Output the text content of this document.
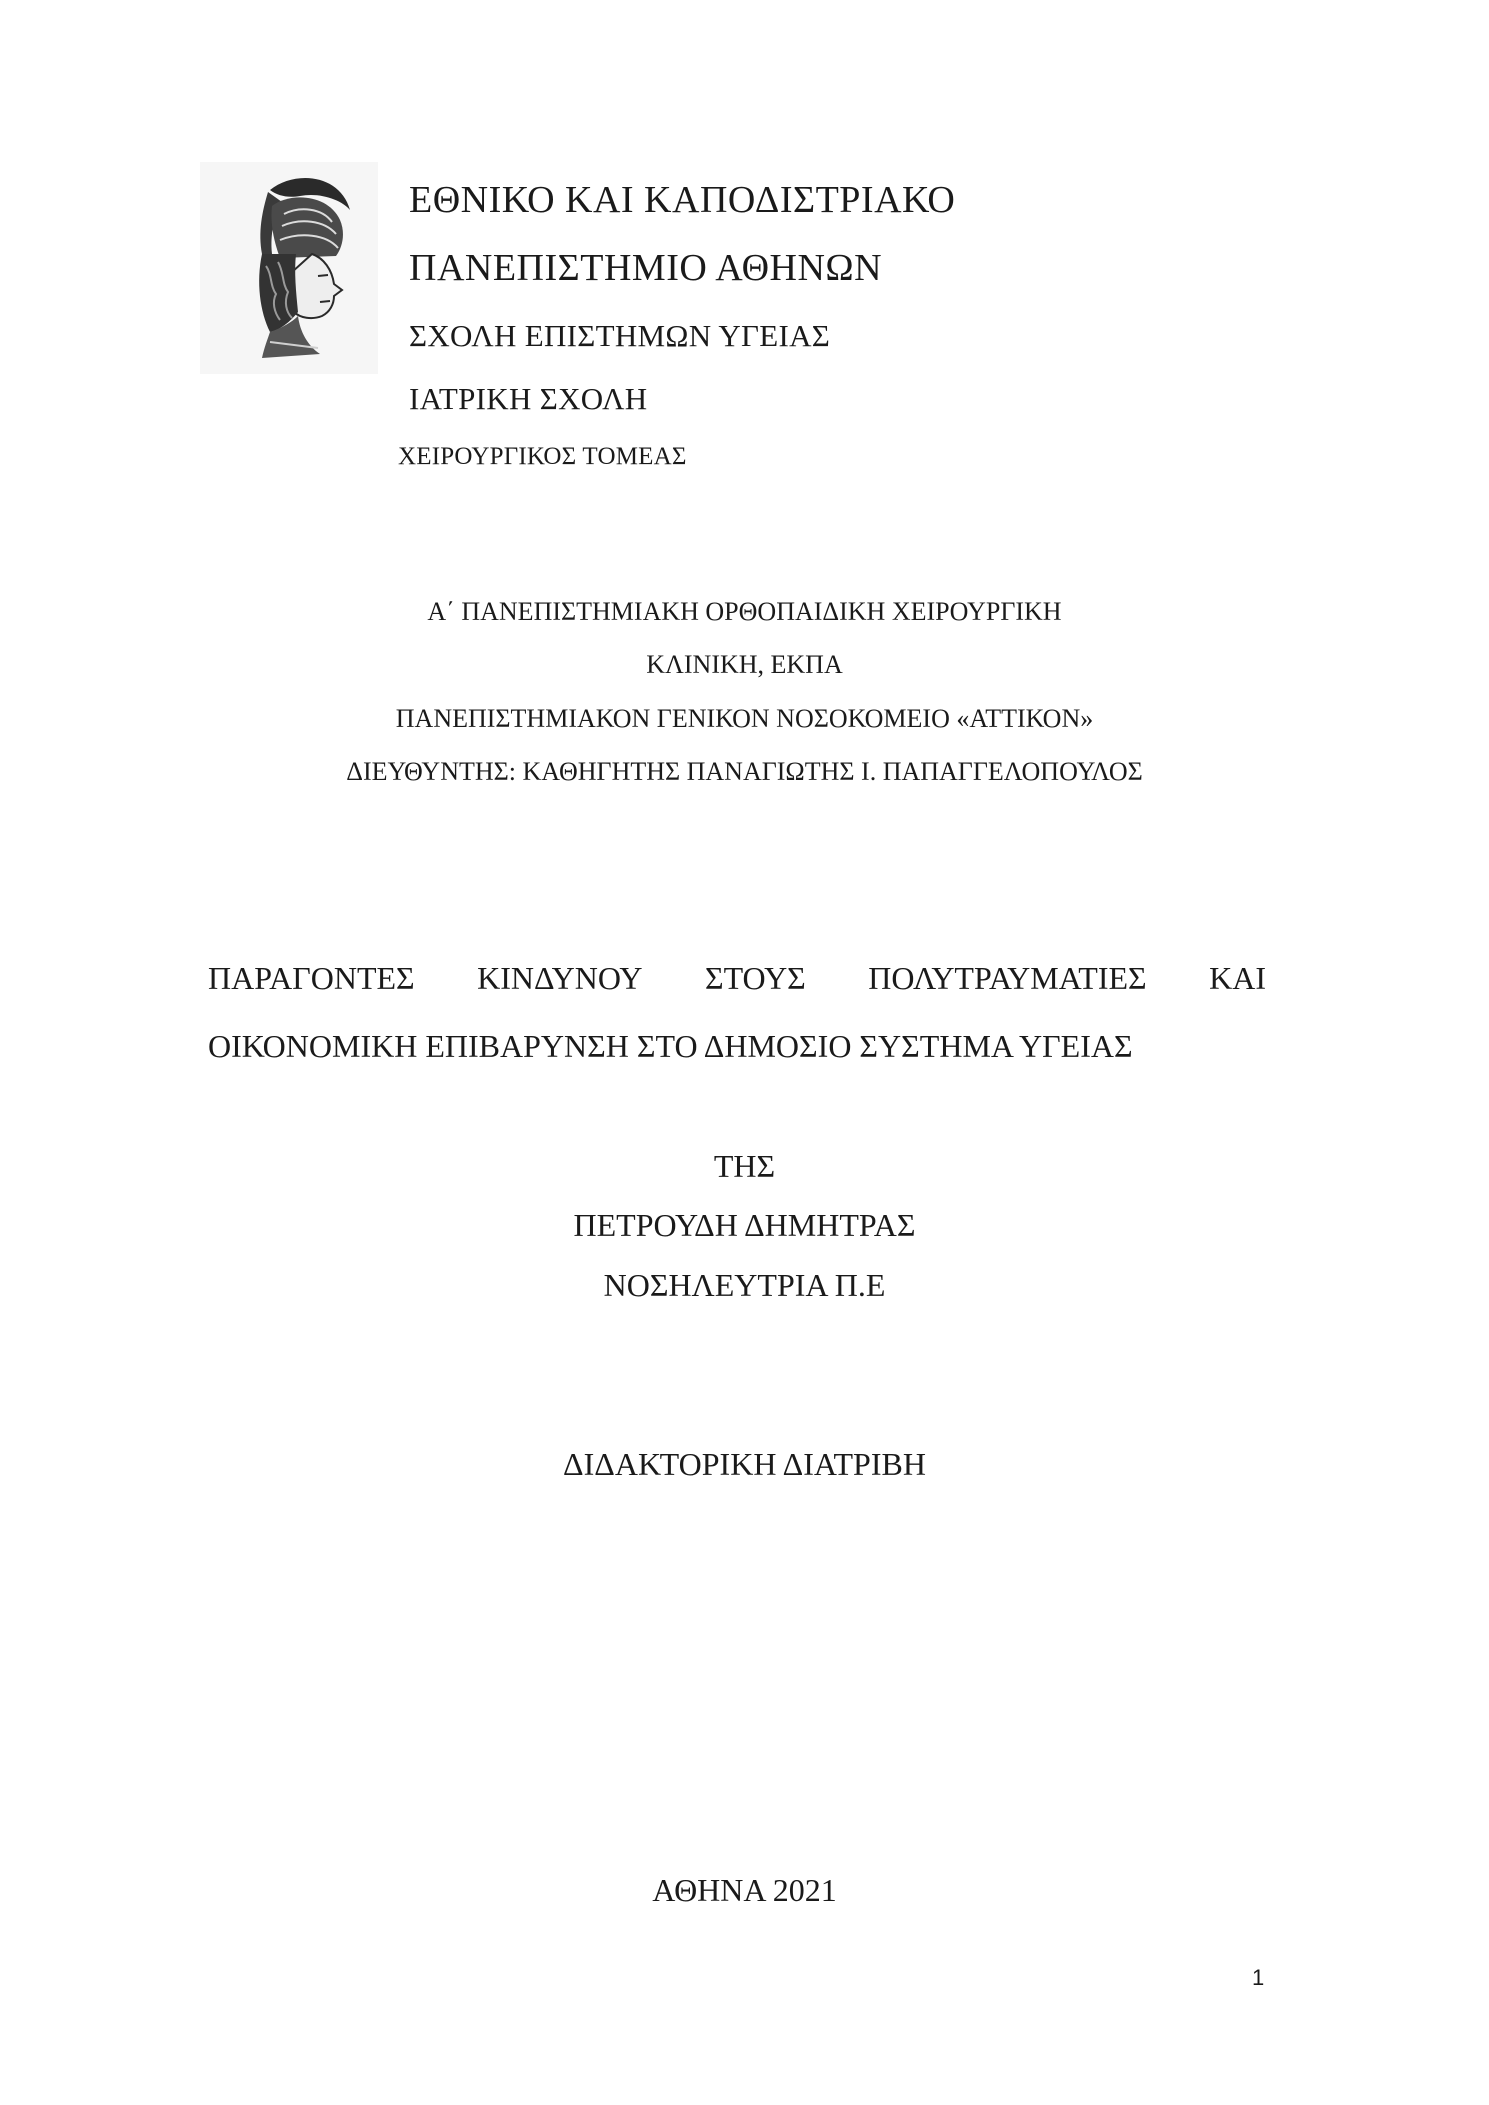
ΕΘΝΙΚΟ ΚΑΙ ΚΑΠΟΔΙΣΤΡΙΑΚΟ
ΠΑΝΕΠΙΣΤΗΜΙΟ ΑΘΗΝΩΝ
ΣΧΟΛΗ ΕΠΙΣΤΗΜΩΝ ΥΓΕΙΑΣ
ΙΑΤΡΙΚΗ ΣΧΟΛΗ
ΧΕΙΡΟΥΡΓΙΚΟΣ ΤΟΜΕΑΣ
Α΄ ΠΑΝΕΠΙΣΤΗΜΙΑΚΗ ΟΡΘΟΠΑΙΔΙΚΗ ΧΕΙΡΟΥΡΓΙΚΗ
ΚΛΙΝΙΚΗ, ΕΚΠΑ
ΠΑΝΕΠΙΣΤΗΜΙΑΚΟΝ ΓΕΝΙΚΟΝ ΝΟΣΟΚΟΜΕΙΟ «ΑΤΤΙΚΟΝ»
ΔΙΕΥΘΥΝΤΗΣ: ΚΑΘΗΓΗΤΗΣ ΠΑΝΑΓΙΩΤΗΣ Ι. ΠΑΠΑΓΓΕΛΟΠΟΥΛΟΣ
ΠΑΡΑΓΟΝΤΕΣ ΚΙΝΔΥΝΟΥ ΣΤΟΥΣ ΠΟΛΥΤΡΑΥΜΑΤΙΕΣ ΚΑΙ
ΟΙΚΟΝΟΜΙΚΗ ΕΠΙΒΑΡΥΝΣΗ ΣΤΟ ΔΗΜΟΣΙΟ ΣΥΣΤΗΜΑ ΥΓΕΙΑΣ
ΤΗΣ
ΠΕΤΡΟΥΔΗ ΔΗΜΗΤΡΑΣ
ΝΟΣΗΛΕΥΤΡΙΑ Π.Ε
ΔΙΔΑΚΤΟΡΙΚΗ ΔΙΑΤΡΙΒΗ
ΑΘΗΝΑ 2021
1
